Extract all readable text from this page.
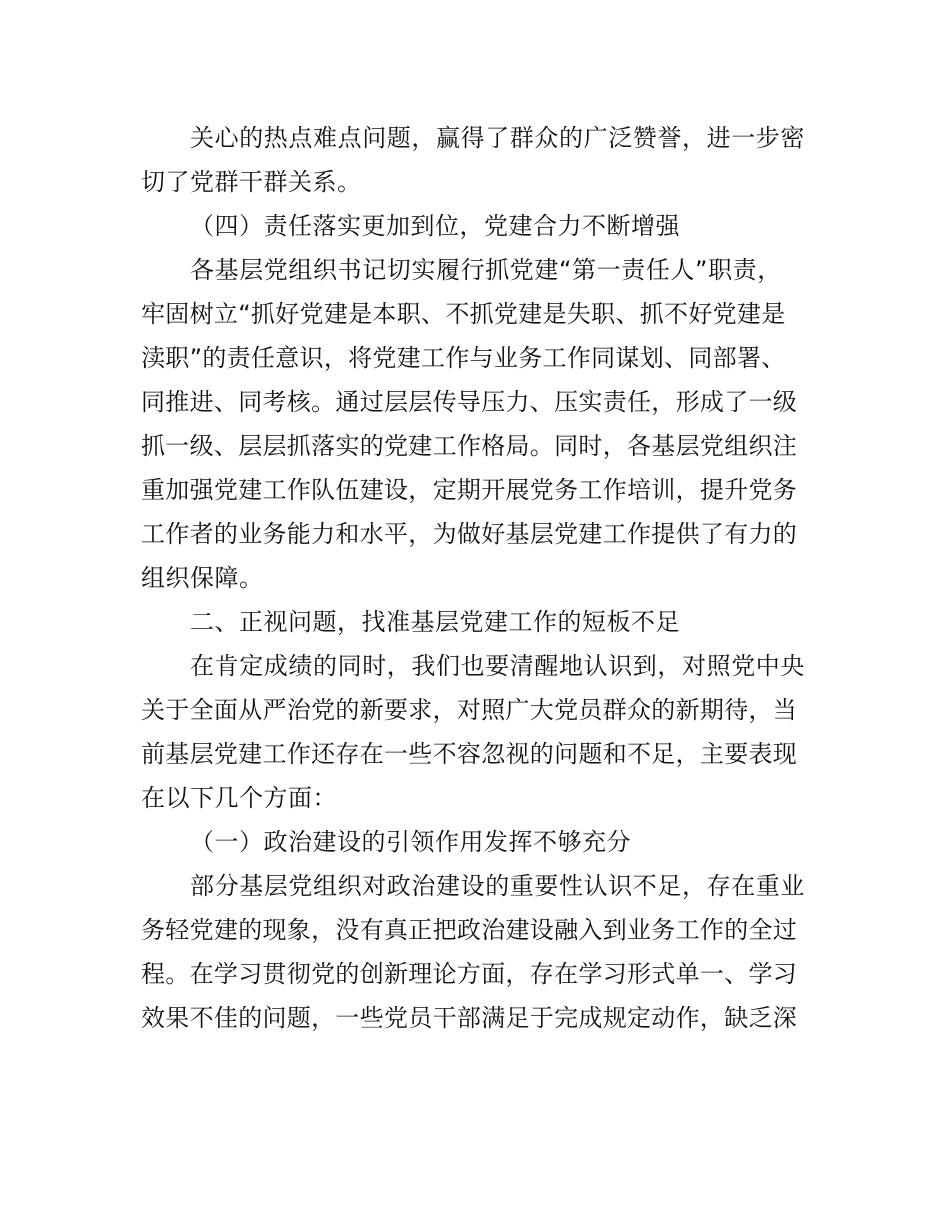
关心的热点难点问题，赢得了群众的广泛赞誉，进一步密
切了党群干群关系。
（四）责任落实更加到位，党建合力不断增强
各基层党组织书记切实履行抓党建“第一责任人”职责，
牢固树立“抓好党建是本职、不抓党建是失职、抓不好党建是
渎职”的责任意识，将党建工作与业务工作同谋划、同部署、
同推进、同考核。通过层层传导压力、压实责任，形成了一级
抓一级、层层抓落实的党建工作格局。同时，各基层党组织注
重加强党建工作队伍建设，定期开展党务工作培训，提升党务
工作者的业务能力和水平，为做好基层党建工作提供了有力的
组织保障。
二、正视问题，找准基层党建工作的短板不足
在肯定成绩的同时，我们也要清醒地认识到，对照党中央
关于全面从严治党的新要求，对照广大党员群众的新期待，当
前基层党建工作还存在一些不容忽视的问题和不足，主要表现
在以下几个方面：
（一）政治建设的引领作用发挥不够充分
部分基层党组织对政治建设的重要性认识不足，存在重业
务轻党建的现象，没有真正把政治建设融入到业务工作的全过
程。在学习贯彻党的创新理论方面，存在学习形式单一、学习
效果不佳的问题，一些党员干部满足于完成规定动作，缺乏深
